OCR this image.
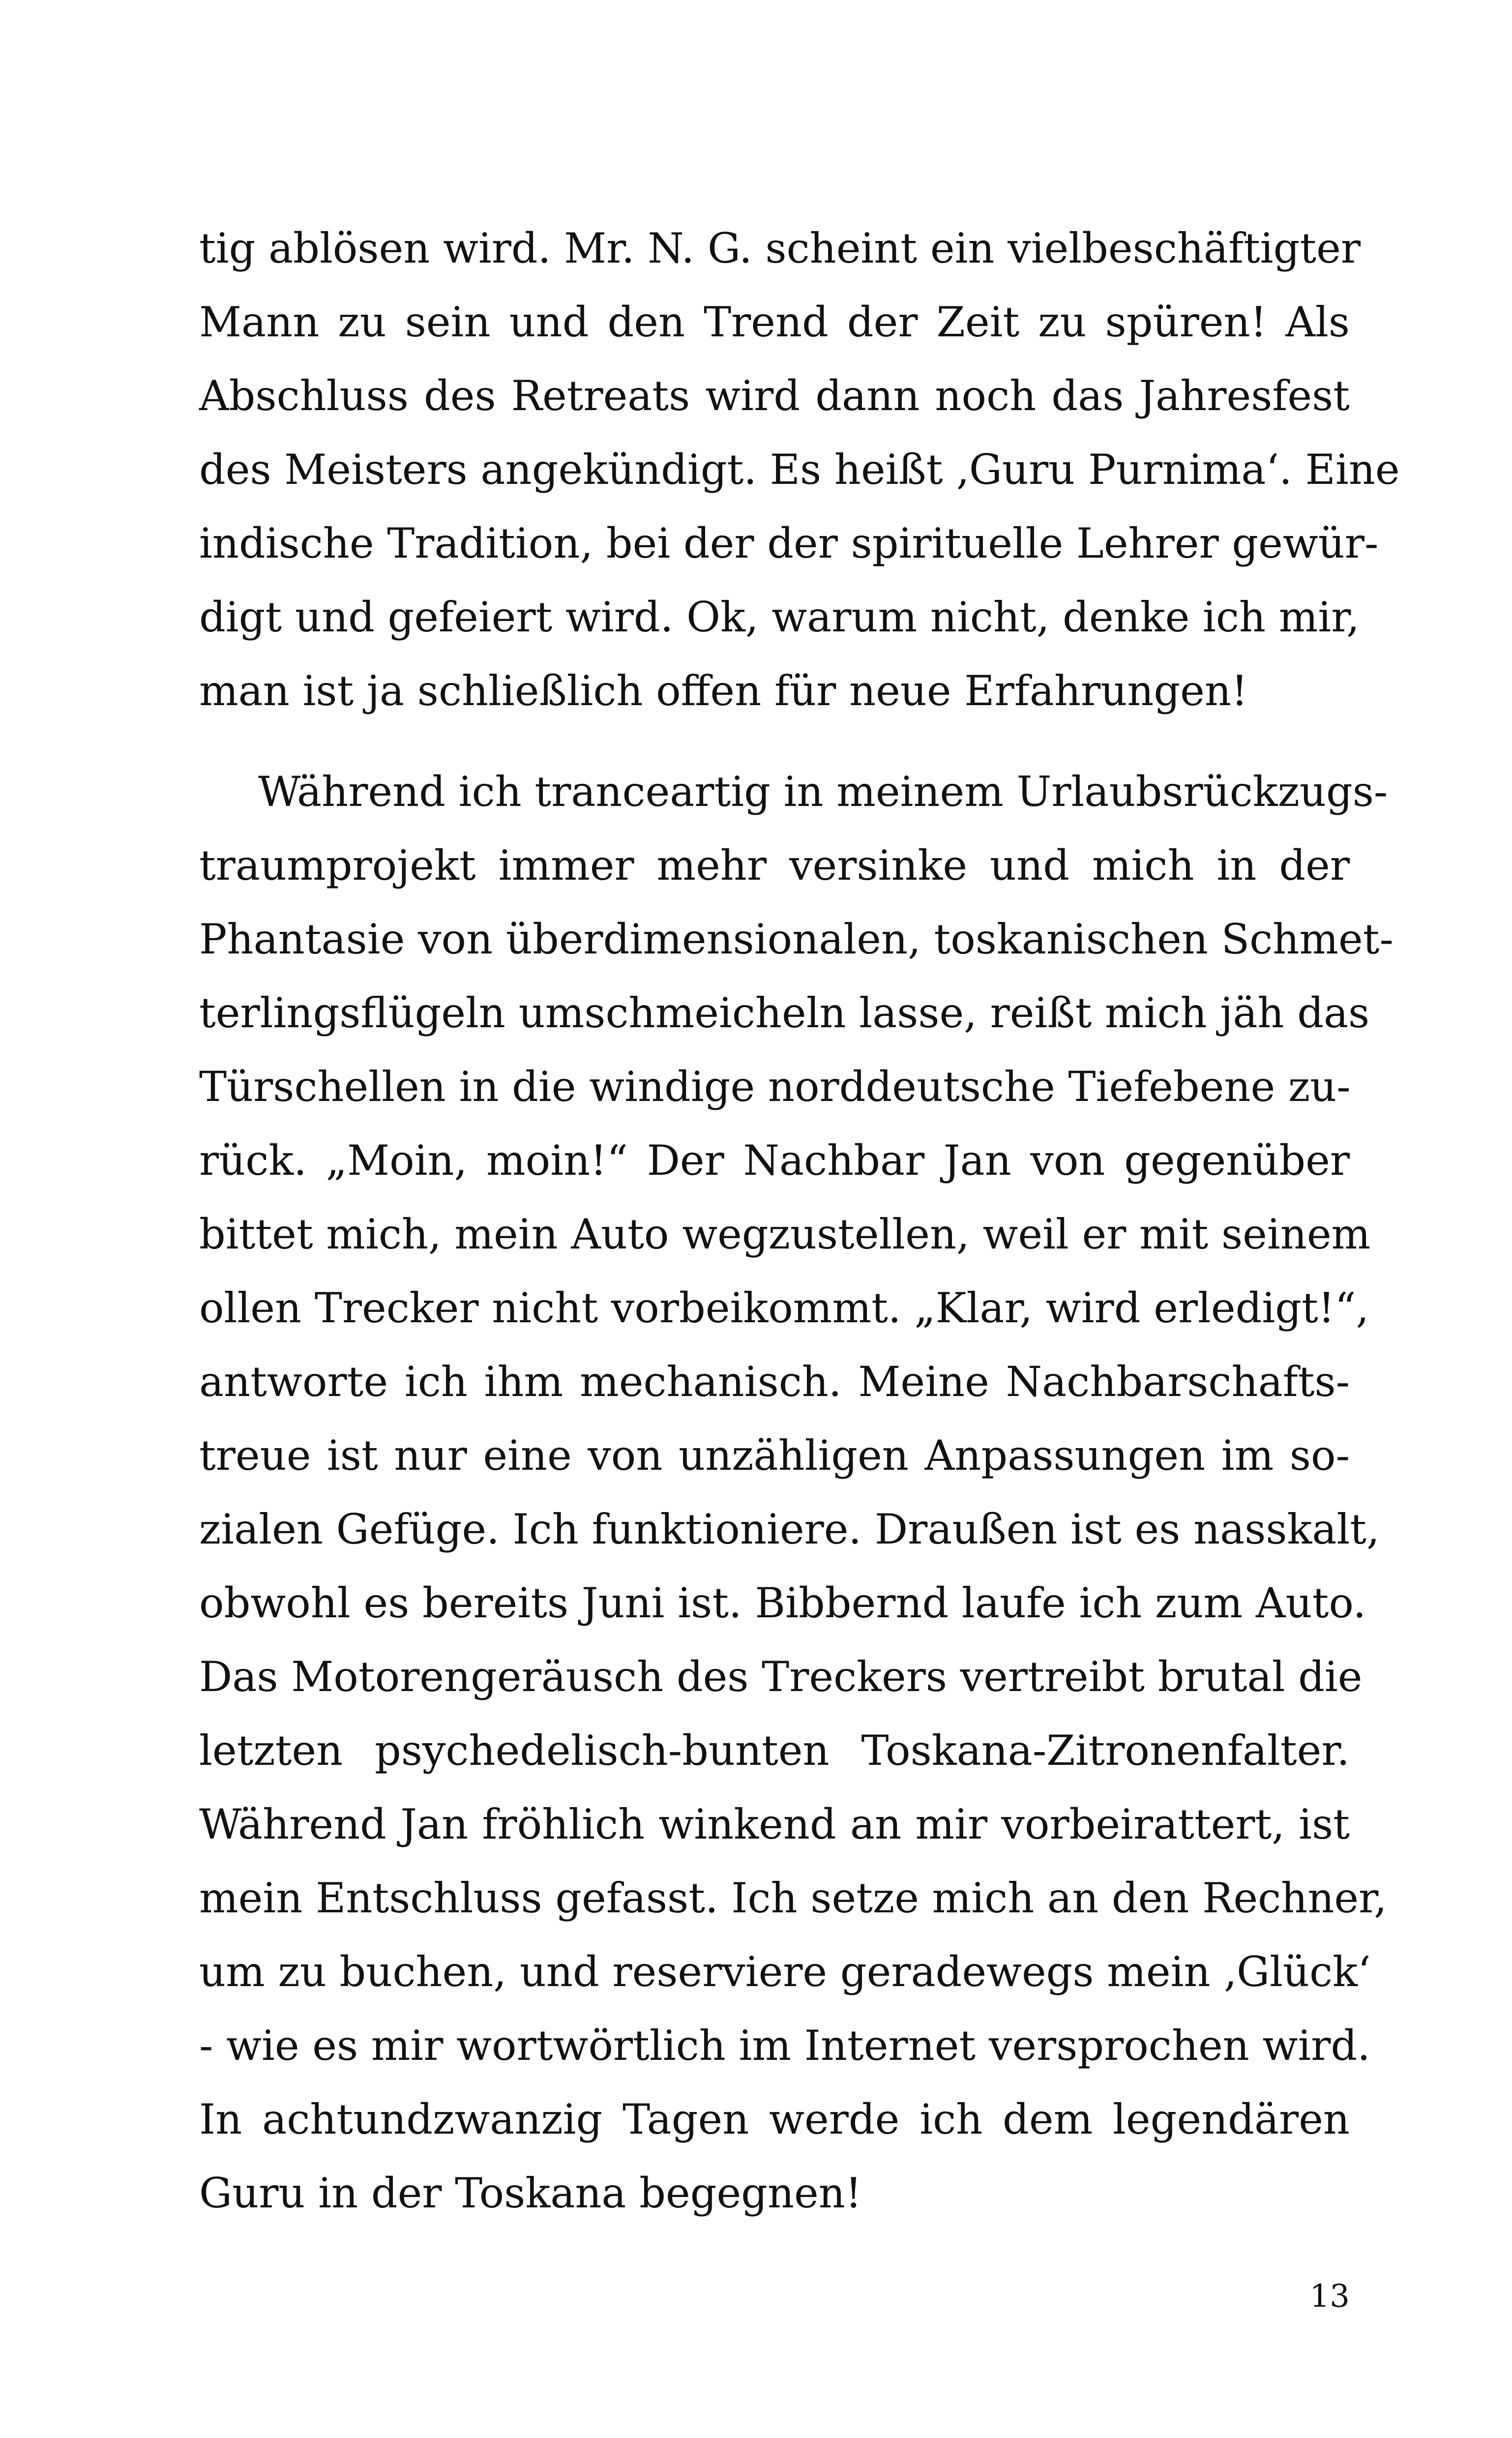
tig ablösen wird. Mr. N. G. scheint ein vielbeschäftigter
Mann zu sein und den Trend der Zeit zu spüren! Als
Abschluss des Retreats wird dann noch das Jahresfest
des Meisters angekündigt. Es heißt ‚Guru Purnima‘. Eine
indische Tradition, bei der der spirituelle Lehrer gewür-
digt und gefeiert wird. Ok, warum nicht, denke ich mir,
man ist ja schließlich offen für neue Erfahrungen!
Während ich tranceartig in meinem Urlaubsrückzugs-
traumprojekt immer mehr versinke und mich in der
Phantasie von überdimensionalen, toskanischen Schmet-
terlingsflügeln umschmeicheln lasse, reißt mich jäh das
Türschellen in die windige norddeutsche Tiefebene zu-
rück. „Moin, moin!“ Der Nachbar Jan von gegenüber
bittet mich, mein Auto wegzustellen, weil er mit seinem
ollen Trecker nicht vorbeikommt. „Klar, wird erledigt!“,
antworte ich ihm mechanisch. Meine Nachbarschafts-
treue ist nur eine von unzähligen Anpassungen im so-
zialen Gefüge. Ich funktioniere. Draußen ist es nasskalt,
obwohl es bereits Juni ist. Bibbernd laufe ich zum Auto.
Das Motorengeräusch des Treckers vertreibt brutal die
letzten psychedelisch-bunten Toskana-Zitronenfalter.
Während Jan fröhlich winkend an mir vorbeirattert, ist
mein Entschluss gefasst. Ich setze mich an den Rechner,
um zu buchen, und reserviere geradewegs mein ‚Glück‘
- wie es mir wortwörtlich im Internet versprochen wird.
In achtundzwanzig Tagen werde ich dem legendären
Guru in der Toskana begegnen!
13
